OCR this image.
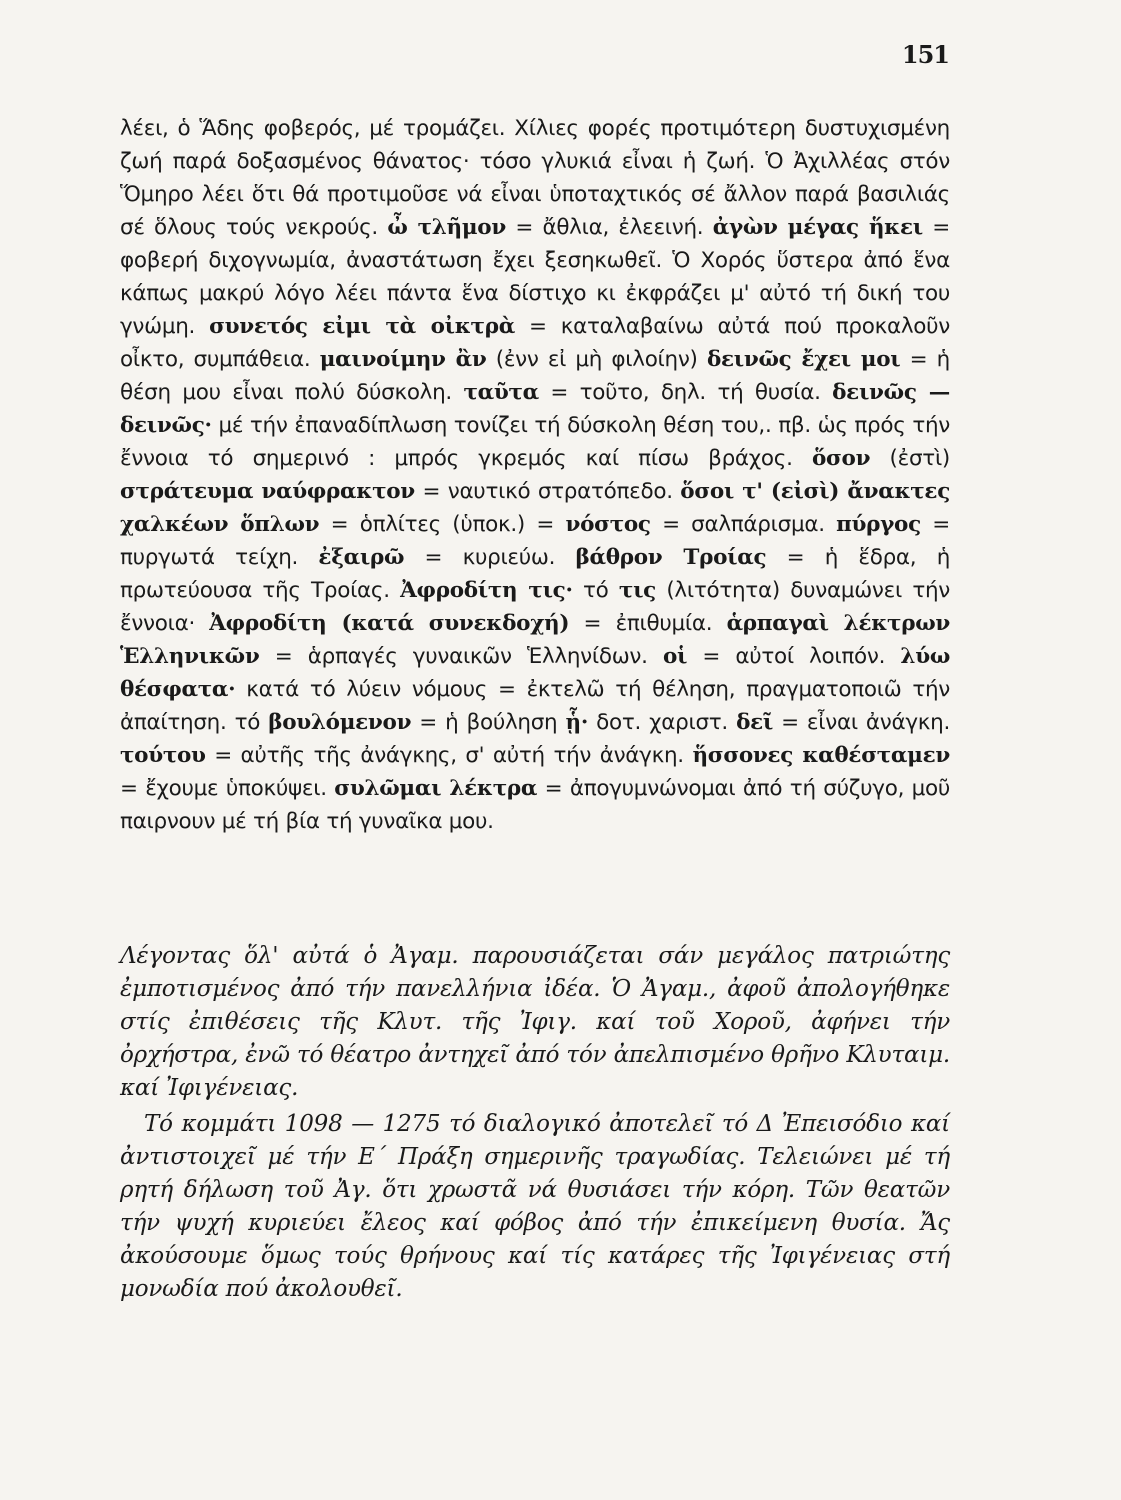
151
λέει, ὁ Ἅδης φοβερός, μέ τρομάζει. Χίλιες φορές προτιμότερη δυστυχισμένη ζωή παρά δοξασμένος θάνατος· τόσο γλυκιά εἶναι ἡ ζωή. Ὁ Ἀχιλλέας στόν Ὅμηρο λέει ὅτι θά προτιμοῦσε νά εἶναι ὑποταχτικός σέ ἄλλον παρά βασιλιάς σέ ὅλους τούς νεκρούς. ὦ τλῆμον = ἄθλια, ἐλεεινή. ἀγὼν μέγας ἥκει = φοβερή διχογνωμία, ἀναστάτωση ἔχει ξεσηκωθεῖ. Ὁ Χορός ὕστερα ἀπό ἕνα κάπως μακρύ λόγο λέει πάντα ἕνα δίστιχο κι ἐκφράζει μ' αὐτό τή δική του γνώμη. συνετός εἰμι τὰ οἰκτρὰ = καταλαβαίνω αὐτά πού προκαλοῦν οἶκτο, συμπάθεια. μαινοίμην ἂν (ἐνν εἰ μὴ φιλοίην) δεινῶς ἔχει μοι = ἡ θέση μου εἶναι πολύ δύσκολη. ταῦτα = τοῦτο, δηλ. τή θυσία. δεινῶς — δεινῶς· μέ τήν ἐπαναδίπλωση τονίζει τή δύσκολη θέση του,. πβ. ὡς πρός τήν ἔννοια τό σημερινό : μπρός γκρεμός καί πίσω βράχος. ὅσον (ἐστὶ) στράτευμα ναύφρακτον = ναυτικό στρατόπεδο. ὅσοι τ' (εἰσὶ) ἄνακτες χαλκέων ὅπλων = ὁπλίτες (ὑποκ.) = νόστος = σαλπάρισμα. πύργος = πυργωτά τείχη. ἐξαιρῶ = κυριεύω. βάθρον Τροίας = ἡ ἕδρα, ἡ πρωτεύουσα τῆς Τροίας. Ἀφροδίτη τις· τό τις (λιτότητα) δυναμώνει τήν ἔννοια· Ἀφροδίτη (κατά συνεκδοχή) = ἐπιθυμία. ἁρπαγαὶ λέκτρων Ἑλληνικῶν = ἁρπαγές γυναικῶν Ἑλληνίδων. οἱ = αὐτοί λοιπόν. λύω θέσφατα· κατά τό λύειν νόμους = ἐκτελῶ τή θέληση, πραγματοποιῶ τήν ἀπαίτηση. τό βουλόμενον = ἡ βούληση ᾗ· δοτ. χαριστ. δεῖ = εἶναι ἀνάγκη. τούτου = αὐτῆς τῆς ἀνάγκης, σ' αὐτή τήν ἀνάγκη. ἥσσονες καθέσταμεν = ἔχουμε ὑποκύψει. συλῶμαι λέκτρα = ἀπογυμνώνομαι ἀπό τή σύζυγο, μοῦ παιρνουν μέ τή βία τή γυναῖκα μου.
Λέγοντας ὅλ' αὐτά ὁ Ἀγαμ. παρουσιάζεται σάν μεγάλος πατριώτης ἐμποτισμένος ἀπό τήν πανελλήνια ἰδέα. Ὁ Ἀγαμ., ἀφοῦ ἀπολογήθηκε στίς ἐπιθέσεις τῆς Κλυτ. τῆς Ἰφιγ. καί τοῦ Χοροῦ, ἀφήνει τήν ὀρχήστρα, ἐνῶ τό θέατρο ἀντηχεῖ ἀπό τόν ἀπελπισμένο θρῆνο Κλυταιμ. καί Ἰφιγένειας.
Τό κομμάτι 1098 — 1275 τό διαλογικό ἀποτελεῖ τό Δ Ἐπεισόδιο καί ἀντιστοιχεῖ μέ τήν Ε΄ Πράξη σημερινῆς τραγωδίας. Τελειώνει μέ τή ρητή δήλωση τοῦ Ἀγ. ὅτι χρωστᾶ νά θυσιάσει τήν κόρη. Τῶν θεατῶν τήν ψυχή κυριεύει ἔλεος καί φόβος ἀπό τήν ἐπικείμενη θυσία. Ἄς ἀκούσουμε ὅμως τούς θρήνους καί τίς κατάρες τῆς Ἰφιγένειας στή μονωδία πού ἀκολουθεῖ.
